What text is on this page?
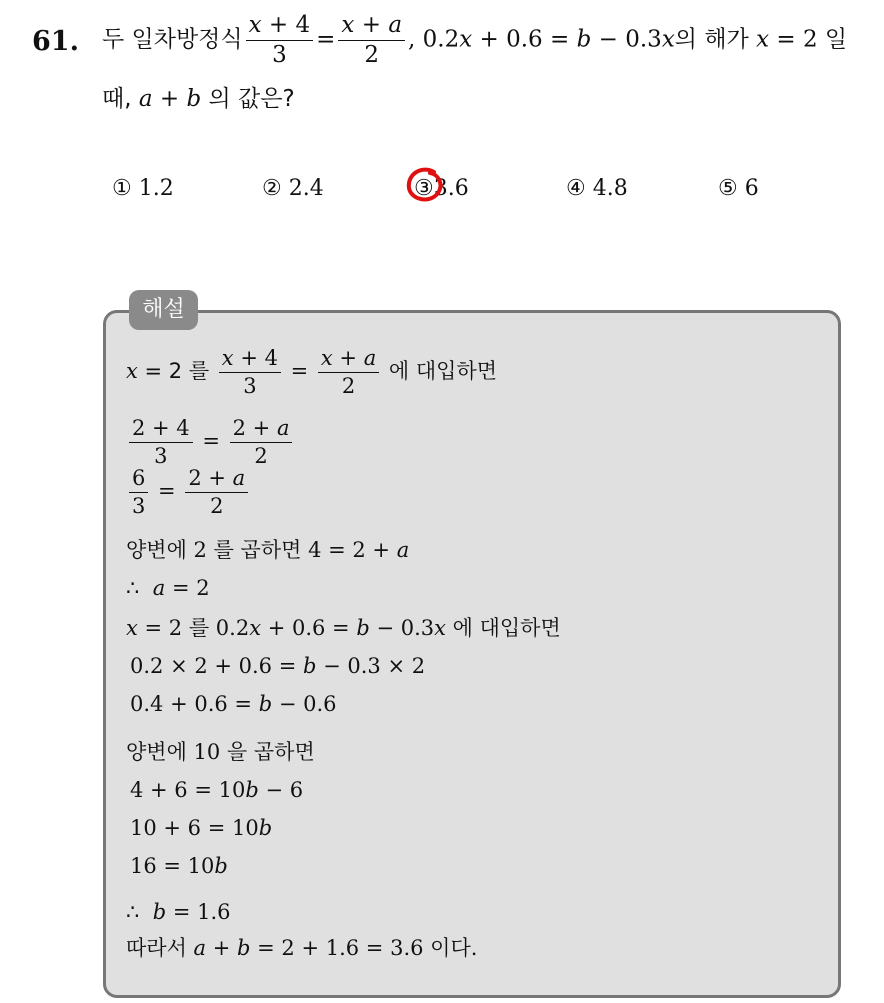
61. 두 일차방정식 $\frac{x + 4}{3} = \frac{x + a}{2}$ , 0.2x + 0.6 = b − 0.3x의 해가 x = 2 일
때, a + b 의 값은?
① 1.2	② 2.4	③3.6	④ 4.8	⑤ 6
해설
x = 2 를 $\frac{x + 4}{3} = \frac{x + a}{2}$ 에 대입하면
$\frac{2 + 4}{3} = \frac{2 + a}{2}$
$\frac{6}{3} = \frac{2 + a}{2}$
양변에 2 를 곱하면 4 = 2 + a
∴ a = 2
x = 2 를 0.2x + 0.6 = b − 0.3x 에 대입하면
0.2 × 2 + 0.6 = b − 0.3 × 2
0.4 + 0.6 = b − 0.6
양변에 10 을 곱하면
4 + 6 = 10b − 6
10 + 6 = 10b
16 = 10b
∴ b = 1.6
따라서 a + b = 2 + 1.6 = 3.6 이다.
